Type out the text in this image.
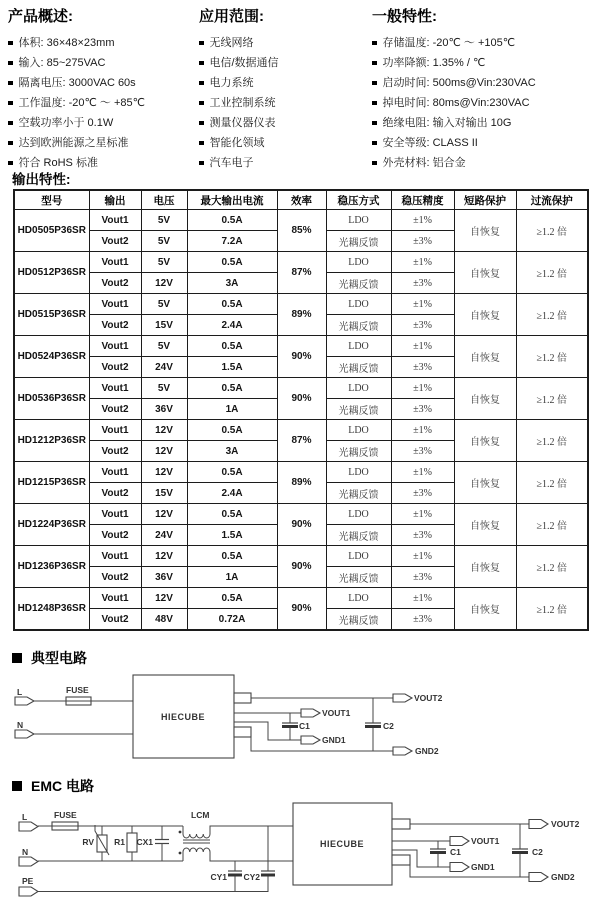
产品概述:
体积: 36×48×23mm
输入: 85~275VAC
隔离电压: 3000VAC 60s
工作温度: -20℃ ～ +85℃
空载功率小于 0.1W
达到欧洲能源之星标准
符合 RoHS 标准
应用范围:
无线网络
电信/数据通信
电力系统
工业控制系统
测量仪器仪表
智能化领域
汽车电子
一般特性:
存储温度: -20℃ ～ +105℃
功率降额: 1.35% / ℃
启动时间: 500ms@Vin:230VAC
掉电时间: 80ms@Vin:230VAC
绝缘电阻: 输入对输出 10G
安全等级: CLASS II
外壳材料: 铝合金
输出特性:
型号	输出	电压	最大输出电流	效率	稳压方式	稳压精度	短路保护	过流保护
HD0505P36SR	Vout1	5V	0.5A	85%	LDO	±1%	自恢复	≥1.2 倍
	Vout2	5V	7.2A		光耦反馈	±3%		
HD0512P36SR	Vout1	5V	0.5A	87%	LDO	±1%	自恢复	≥1.2 倍
	Vout2	12V	3A		光耦反馈	±3%		
HD0515P36SR	Vout1	5V	0.5A	89%	LDO	±1%	自恢复	≥1.2 倍
	Vout2	15V	2.4A		光耦反馈	±3%		
HD0524P36SR	Vout1	5V	0.5A	90%	LDO	±1%	自恢复	≥1.2 倍
	Vout2	24V	1.5A		光耦反馈	±3%		
HD0536P36SR	Vout1	5V	0.5A	90%	LDO	±1%	自恢复	≥1.2 倍
	Vout2	36V	1A		光耦反馈	±3%		
HD1212P36SR	Vout1	12V	0.5A	87%	LDO	±1%	自恢复	≥1.2 倍
	Vout2	12V	3A		光耦反馈	±3%		
HD1215P36SR	Vout1	12V	0.5A	89%	LDO	±1%	自恢复	≥1.2 倍
	Vout2	15V	2.4A		光耦反馈	±3%		
HD1224P36SR	Vout1	12V	0.5A	90%	LDO	±1%	自恢复	≥1.2 倍
	Vout2	24V	1.5A		光耦反馈	±3%		
HD1236P36SR	Vout1	12V	0.5A	90%	LDO	±1%	自恢复	≥1.2 倍
	Vout2	36V	1A		光耦反馈	±3%		
HD1248P36SR	Vout1	12V	0.5A	90%	LDO	±1%	自恢复	≥1.2 倍
	Vout2	48V	0.72A		光耦反馈	±3%		
典型电路
L	FUSE
N
HIECUBE
VOUT2
VOUT1
GND1
C1
GND2
C2
EMC 电路
L	FUSE
RV R1 CX1
LCM
N
CY1 CY2
PE
HIECUBE
VOUT2
VOUT1
C1
GND1
GND2
C2
